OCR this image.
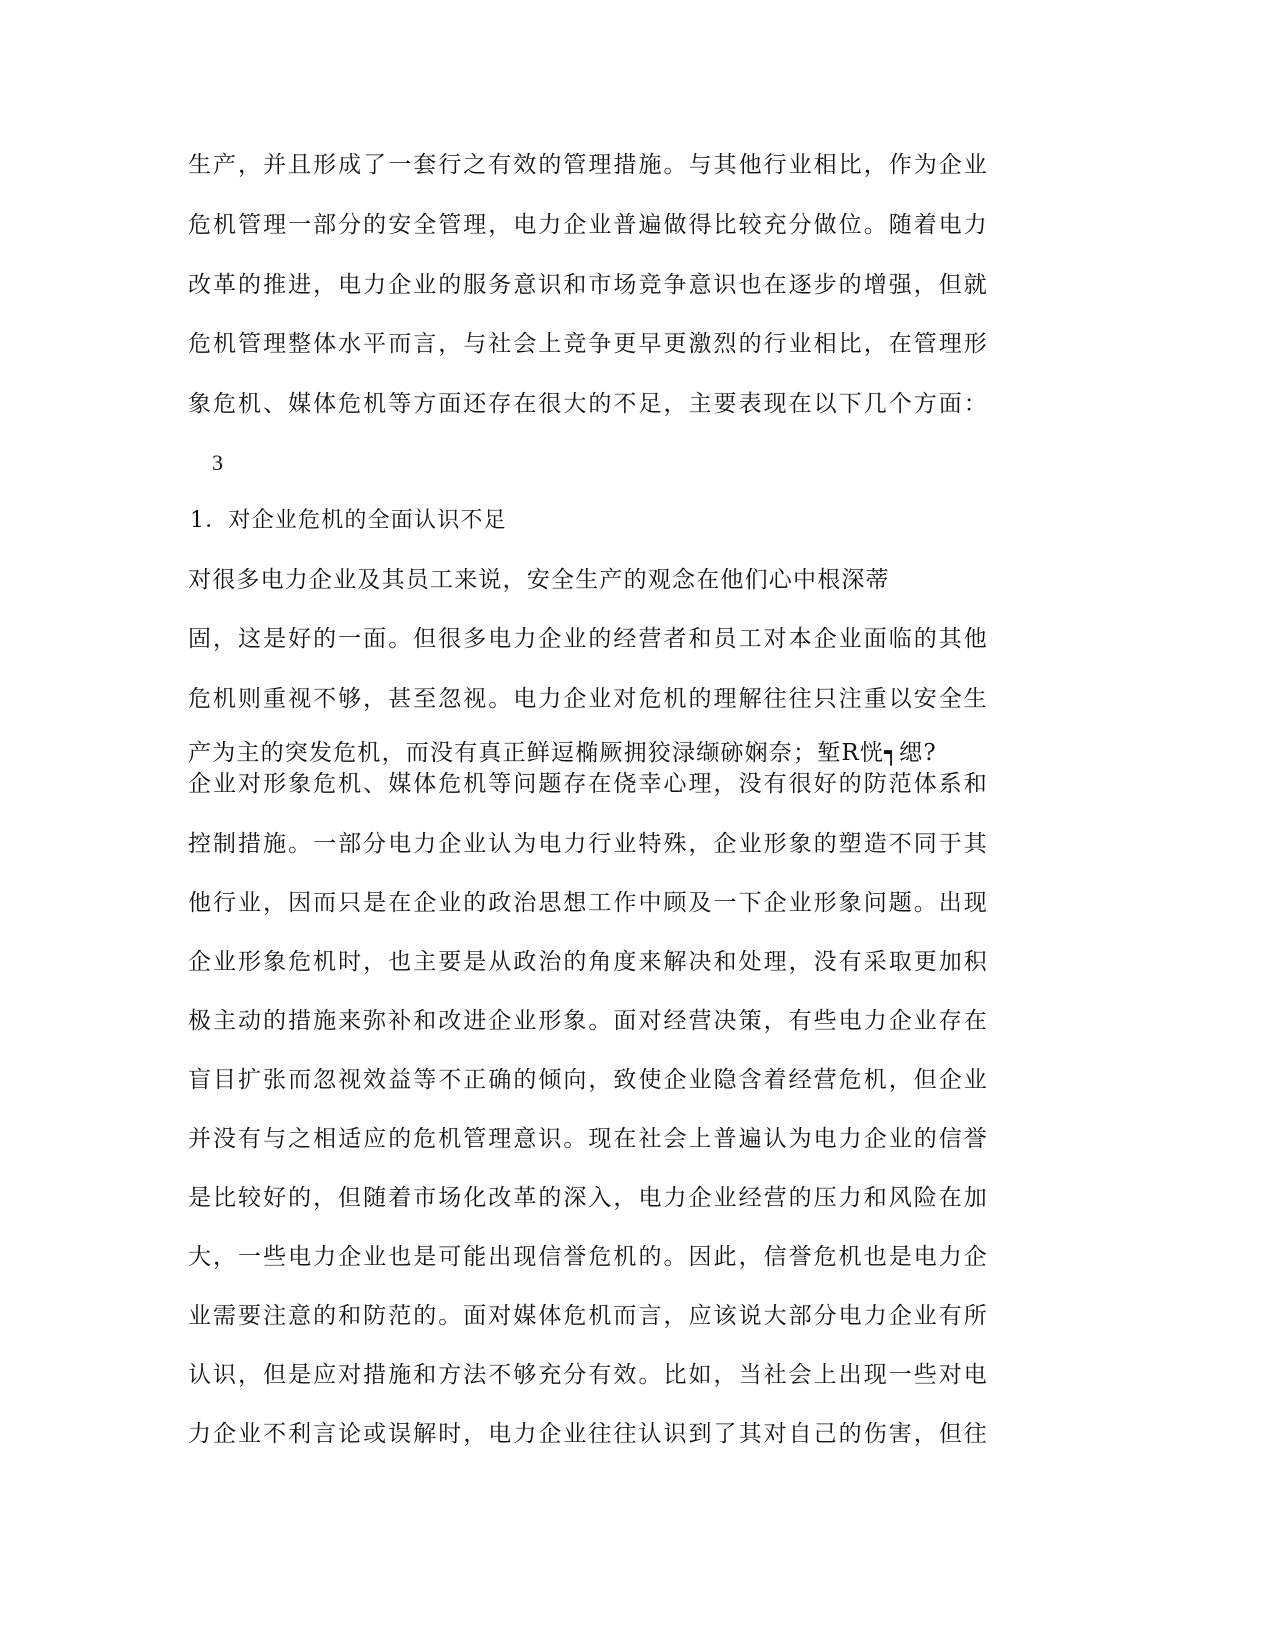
生产，并且形成了一套行之有效的管理措施。与其他行业相比，作为企业
危机管理一部分的安全管理，电力企业普遍做得比较充分做位。随着电力
改革的推进，电力企业的服务意识和市场竞争意识也在逐步的增强，但就
危机管理整体水平而言，与社会上竞争更早更激烈的行业相比，在管理形
象危机、媒体危机等方面还存在很大的不足，主要表现在以下几个方面：
3
1．对企业危机的全面认识不足
对很多电力企业及其员工来说，安全生产的观念在他们心中根深蒂
固，这是好的一面。但很多电力企业的经营者和员工对本企业面临的其他
危机则重视不够，甚至忽视。电力企业对危机的理解往往只注重以安全生
产为主的突发危机，而没有真正鲜逗椭厥拥狡渌缬硛娴奈；堑R恍┑缌?
企业对形象危机、媒体危机等问题存在侥幸心理，没有很好的防范体系和
控制措施。一部分电力企业认为电力行业特殊，企业形象的塑造不同于其
他行业，因而只是在企业的政治思想工作中顾及一下企业形象问题。出现
企业形象危机时，也主要是从政治的角度来解决和处理，没有采取更加积
极主动的措施来弥补和改进企业形象。面对经营决策，有些电力企业存在
盲目扩张而忽视效益等不正确的倾向，致使企业隐含着经营危机，但企业
并没有与之相适应的危机管理意识。现在社会上普遍认为电力企业的信誉
是比较好的，但随着市场化改革的深入，电力企业经营的压力和风险在加
大，一些电力企业也是可能出现信誉危机的。因此，信誉危机也是电力企
业需要注意的和防范的。面对媒体危机而言，应该说大部分电力企业有所
认识，但是应对措施和方法不够充分有效。比如，当社会上出现一些对电
力企业不利言论或误解时，电力企业往往认识到了其对自己的伤害，但往
